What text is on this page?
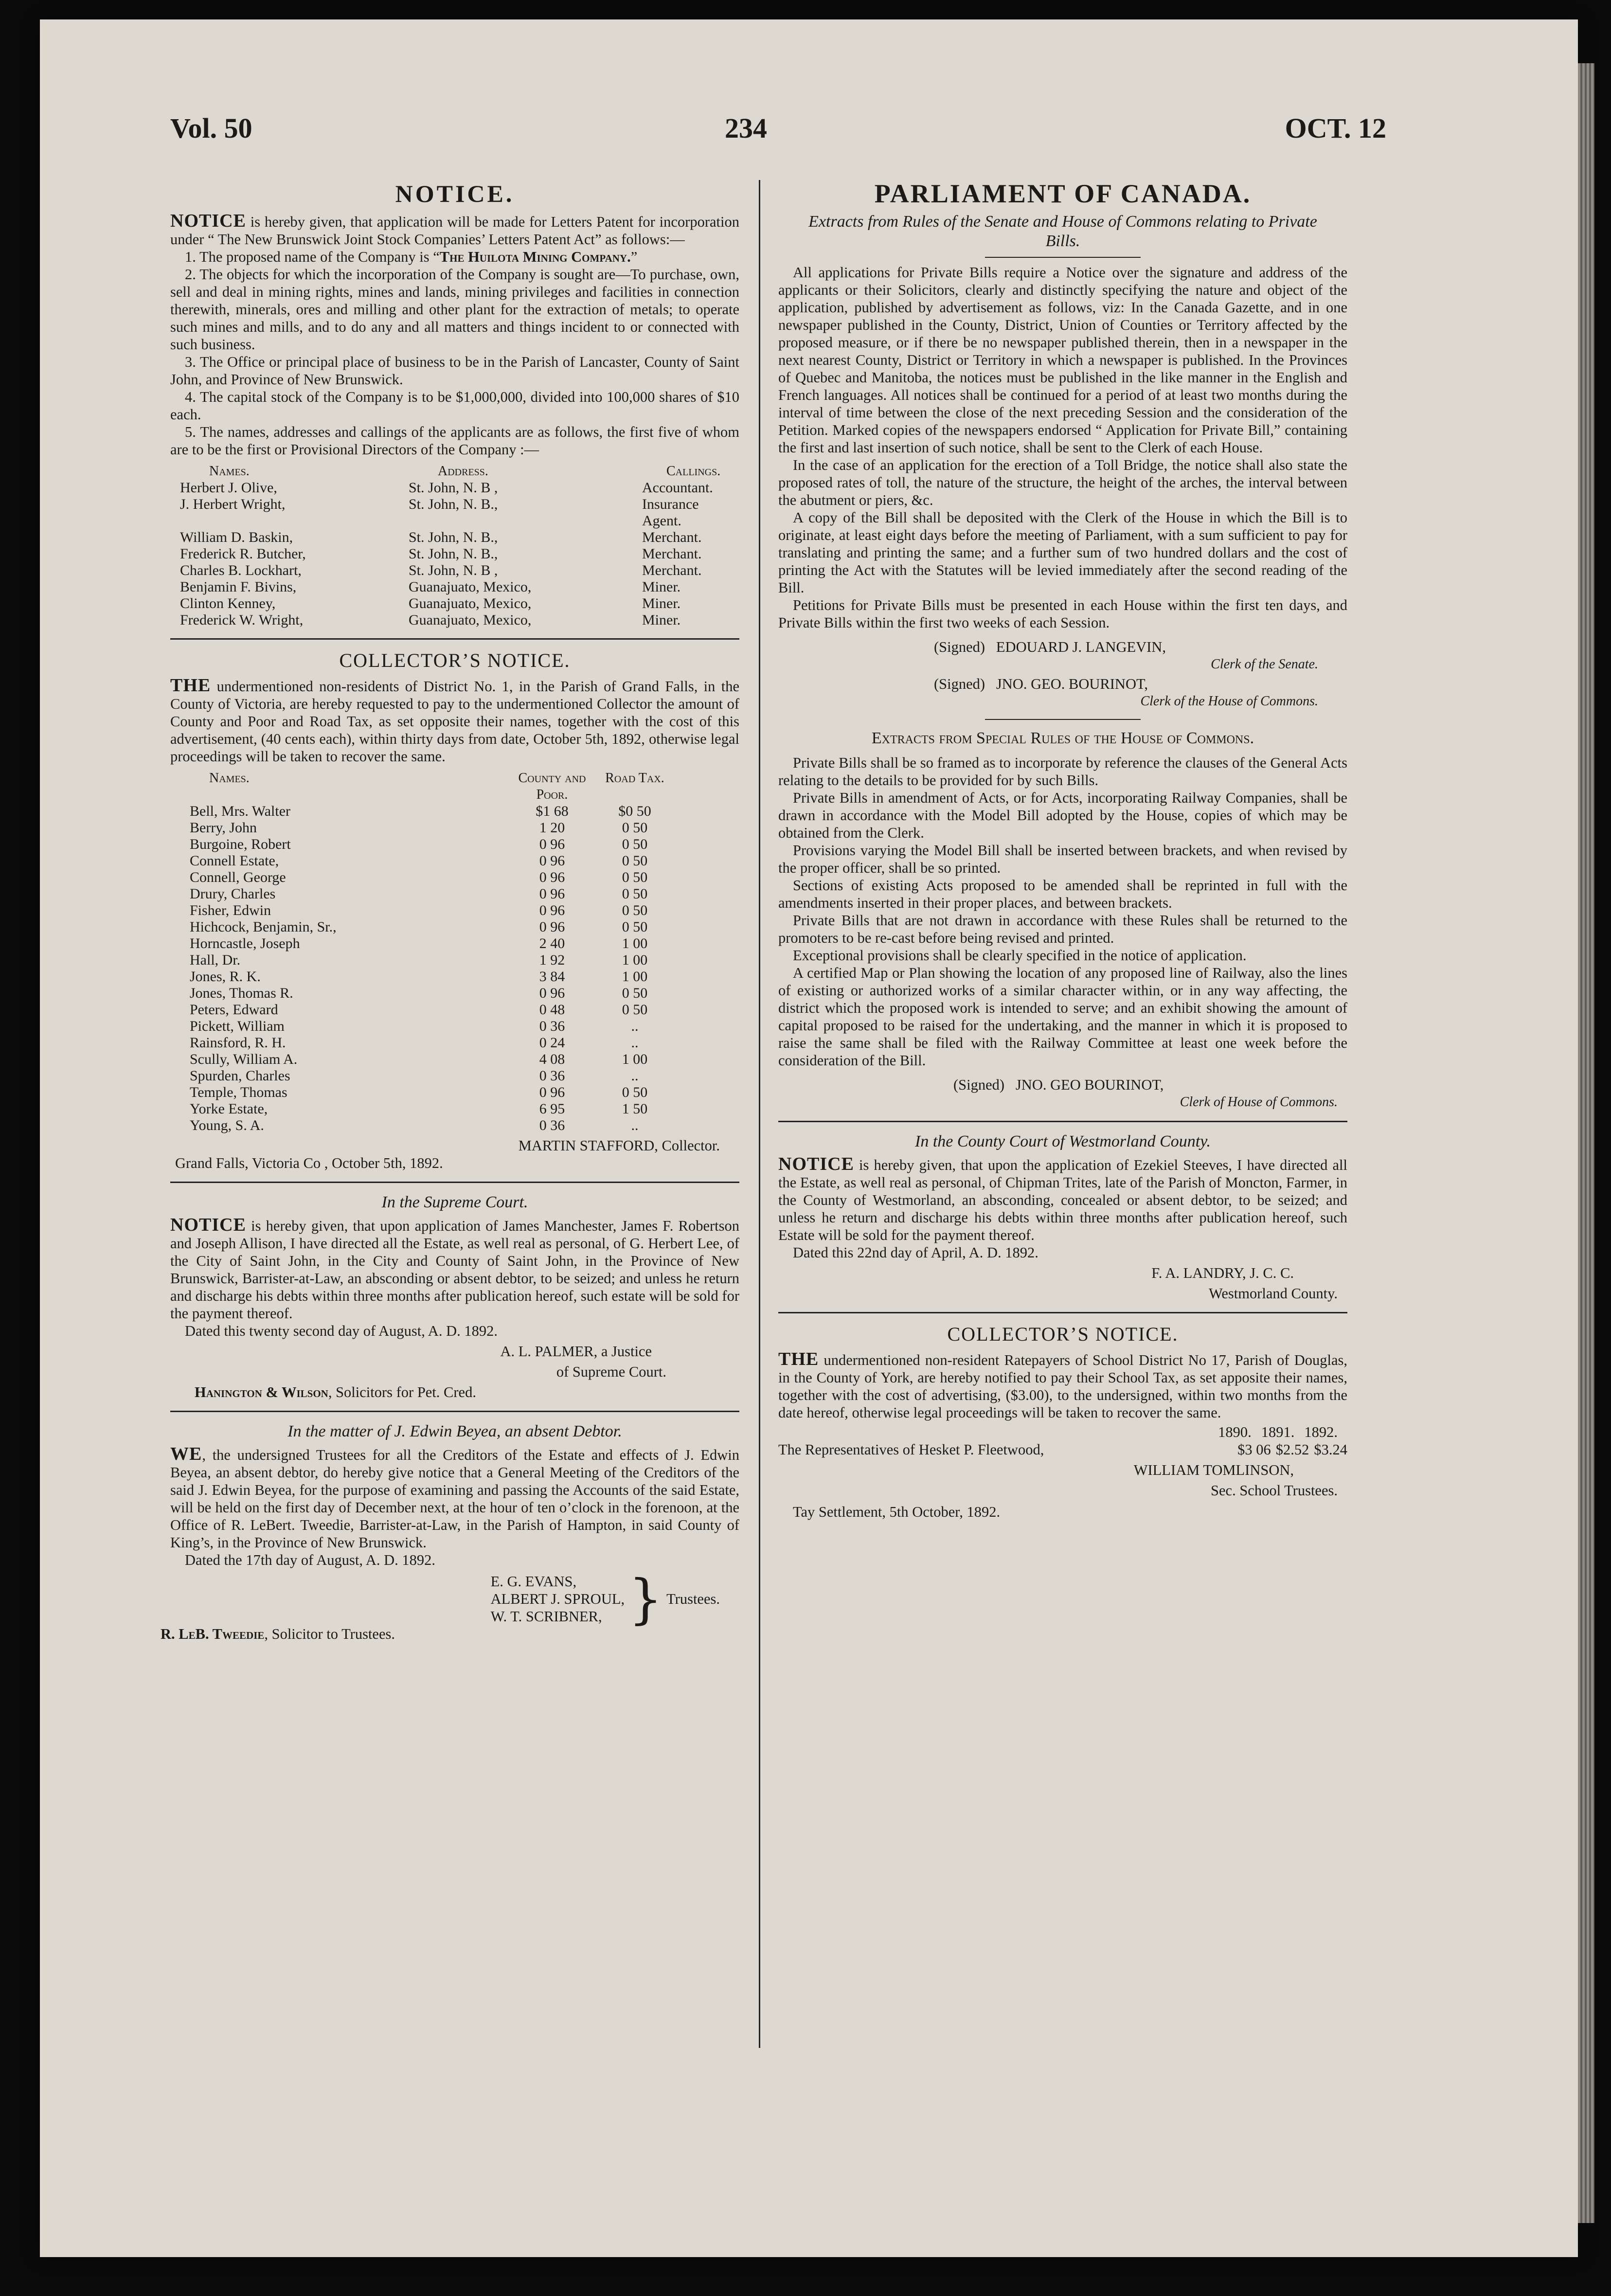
Vol. 50	234	OCT. 12
NOTICE.

NOTICE is hereby given, that application will be made for Letters Patent for incorporation under “ The New Brunswick Joint Stock Companies’ Letters Patent Act” as follows:—

1. The proposed name of the Company is “The Huilota Mining Company.”

2. The objects for which the incorporation of the Company is sought are—To purchase, own, sell and deal in mining rights, mines and lands, mining privileges and facilities in connection therewith, minerals, ores and milling and other plant for the extraction of metals; to operate such mines and mills, and to do any and all matters and things incident to or connected with such business.

3. The Office or principal place of business to be in the Parish of Lancaster, County of Saint John, and Province of New Brunswick.

4. The capital stock of the Company is to be $1,000,000, divided into 100,000 shares of $10 each.

5. The names, addresses and callings of the applicants are as follows, the first five of whom are to be the first or Provisional Directors of the Company :—

Names.	Address.	Callings.
Herbert J. Olive,	St. John, N. B ,	Accountant.
J. Herbert Wright,	St. John, N. B.,	Insurance Agent.
William D. Baskin,	St. John, N. B.,	Merchant.
Frederick R. Butcher,	St. John, N. B.,	Merchant.
Charles B. Lockhart,	St. John, N. B ,	Merchant.
Benjamin F. Bivins,	Guanajuato, Mexico,	Miner.
Clinton Kenney,	Guanajuato, Mexico,	Miner.
Frederick W. Wright,	Guanajuato, Mexico,	Miner.
COLLECTOR’S NOTICE.

THE undermentioned non-residents of District No. 1, in the Parish of Grand Falls, in the County of Victoria, are hereby requested to pay to the undermentioned Collector the amount of County and Poor and Road Tax, as set opposite their names, together with the cost of this advertisement, (40 cents each), within thirty days from date, October 5th, 1892, otherwise legal proceedings will be taken to recover the same.

Names.	County and Poor.	Road Tax.
Bell, Mrs. Walter	$1 68	$0 50
Berry, John	1 20	0 50
Burgoine, Robert	0 96	0 50
Connell Estate,	0 96	0 50
Connell, George	0 96	0 50
Drury, Charles	0 96	0 50
Fisher, Edwin	0 96	0 50
Hichcock, Benjamin, Sr.,	0 96	0 50
Horncastle, Joseph	2 40	1 00
Hall, Dr.	1 92	1 00
Jones, R. K.	3 84	1 00
Jones, Thomas R.	0 96	0 50
Peters, Edward	0 48	0 50
Pickett, William	0 36	..
Rainsford, R. H.	0 24	..
Scully, William A.	4 08	1 00
Spurden, Charles	0 36	..
Temple, Thomas	0 96	0 50
Yorke Estate,	6 95	1 50
Young, S. A.	0 36	..

MARTIN STAFFORD, Collector.

Grand Falls, Victoria Co , October 5th, 1892.

In the Supreme Court.

NOTICE is hereby given, that upon application of James Manchester, James F. Robertson and Joseph Allison, I have directed all the Estate, as well real as personal, of G. Herbert Lee, of the City of Saint John, in the City and County of Saint John, in the Province of New Brunswick, Barrister-at-Law, an absconding or absent debtor, to be seized; and unless he return and discharge his debts within three months after publication hereof, such estate will be sold for the payment thereof.

Dated this twenty second day of August, A. D. 1892.

A. L. PALMER, a Justice

of Supreme Court.

Hanington & Wilson, Solicitors for Pet. Cred.

In the matter of J. Edwin Beyea, an absent Debtor.

WE, the undersigned Trustees for all the Creditors of the Estate and effects of J. Edwin Beyea, an absent debtor, do hereby give notice that a General Meeting of the Creditors of the said J. Edwin Beyea, for the purpose of examining and passing the Accounts of the said Estate, will be held on the first day of December next, at the hour of ten o’clock in the forenoon, at the Office of R. LeBert. Tweedie, Barrister-at-Law, in the Parish of Hampton, in said County of King’s, in the Province of New Brunswick.

Dated the 17th day of August, A. D. 1892.

E. G. EVANS,
ALBERT J. SPROUL,
W. T. SCRIBNER, } Trustees.

R. LeB. Tweedie, Solicitor to Trustees.

PARLIAMENT OF CANADA.
Extracts from Rules of the Senate and House of Commons relating to Private Bills.

All applications for Private Bills require a Notice over the signature and address of the applicants or their Solicitors, clearly and distinctly specifying the nature and object of the application, published by advertisement as follows, viz: In the Canada Gazette, and in one newspaper published in the County, District, Union of Counties or Territory affected by the proposed measure, or if there be no newspaper published therein, then in a newspaper in the next nearest County, District or Territory in which a newspaper is published. In the Provinces of Quebec and Manitoba, the notices must be published in the like manner in the English and French languages. All notices shall be continued for a period of at least two months during the interval of time between the close of the next preceding Session and the consideration of the Petition. Marked copies of the newspapers endorsed “ Application for Private Bill,” containing the first and last insertion of such notice, shall be sent to the Clerk of each House.

In the case of an application for the erection of a Toll Bridge, the notice shall also state the proposed rates of toll, the nature of the structure, the height of the arches, the interval between the abutment or piers, &c.

A copy of the Bill shall be deposited with the Clerk of the House in which the Bill is to originate, at least eight days before the meeting of Parliament, with a sum sufficient to pay for translating and printing the same; and a further sum of two hundred dollars and the cost of printing the Act with the Statutes will be levied immediately after the second reading of the Bill.

Petitions for Private Bills must be presented in each House within the first ten days, and Private Bills within the first two weeks of each Session.

(Signed) EDOUARD J. LANGEVIN,

Clerk of the Senate.

(Signed) JNO. GEO. BOURINOT,

Clerk of the House of Commons.

Extracts from Special Rules of the House of Commons.

Private Bills shall be so framed as to incorporate by reference the clauses of the General Acts relating to the details to be provided for by such Bills.

Private Bills in amendment of Acts, or for Acts, incorporating Railway Companies, shall be drawn in accordance with the Model Bill adopted by the House, copies of which may be obtained from the Clerk.

Provisions varying the Model Bill shall be inserted between brackets, and when revised by the proper officer, shall be so printed.

Sections of existing Acts proposed to be amended shall be reprinted in full with the amendments inserted in their proper places, and between brackets.

Private Bills that are not drawn in accordance with these Rules shall be returned to the promoters to be re-cast before being revised and printed.

Exceptional provisions shall be clearly specified in the notice of application.

A certified Map or Plan showing the location of any proposed line of Railway, also the lines of existing or authorized works of a similar character within, or in any way affecting, the district which the proposed work is intended to serve; and an exhibit showing the amount of capital proposed to be raised for the undertaking, and the manner in which it is proposed to raise the same shall be filed with the Railway Committee at least one week before the consideration of the Bill.

(Signed) JNO. GEO BOURINOT,

Clerk of House of Commons.

In the County Court of Westmorland County.

NOTICE is hereby given, that upon the application of Ezekiel Steeves, I have directed all the Estate, as well real as personal, of Chipman Trites, late of the Parish of Moncton, Farmer, in the County of Westmorland, an absconding, concealed or absent debtor, to be seized; and unless he return and discharge his debts within three months after publication hereof, such Estate will be sold for the payment thereof.

Dated this 22nd day of April, A. D. 1892.

F. A. LANDRY, J. C. C.

Westmorland County.

COLLECTOR’S NOTICE.

THE undermentioned non-resident Ratepayers of School District No 17, Parish of Douglas, in the County of York, are hereby notified to pay their School Tax, as set apposite their names, together with the cost of advertising, ($3.00), to the undersigned, within two months from the date hereof, otherwise legal proceedings will be taken to recover the same.

1890. 1891. 1892.
The Representatives of Hesket P. Fleetwood,	$3 06 $2.52 $3.24

WILLIAM TOMLINSON,

Sec. School Trustees.

Tay Settlement, 5th October, 1892.
